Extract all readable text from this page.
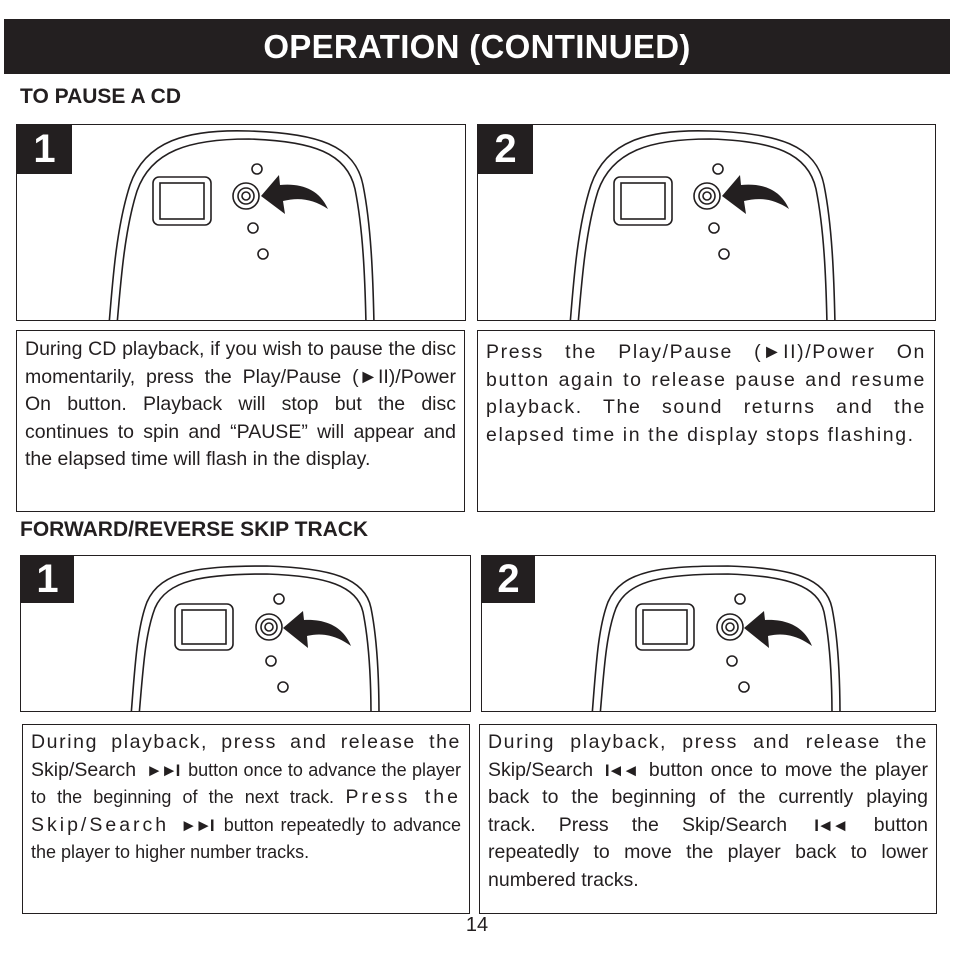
OPERATION (CONTINUED)
TO PAUSE A CD
1	2

During CD playback, if you wish to pause the disc momentarily, press the Play/Pause (►II)/Power On button. Playback will stop but the disc continues to spin and “PAUSE” will appear and the elapsed time will flash in the display.

Press the Play/Pause (►II)/Power On button again to release pause and resume playback. The sound returns and the elapsed time in the display stops flashing.

FORWARD/REVERSE SKIP TRACK
1	2

During playback, press and release the Skip/Search ►►I button once to advance the player to the beginning of the next track. Press the Skip/Search ►►I button repeatedly to advance the player to higher number tracks.

During playback, press and release the Skip/Search I◄◄ button once to move the player back to the beginning of the currently playing track. Press the Skip/Search I◄◄ button repeatedly to move the player back to lower numbered tracks.

14
